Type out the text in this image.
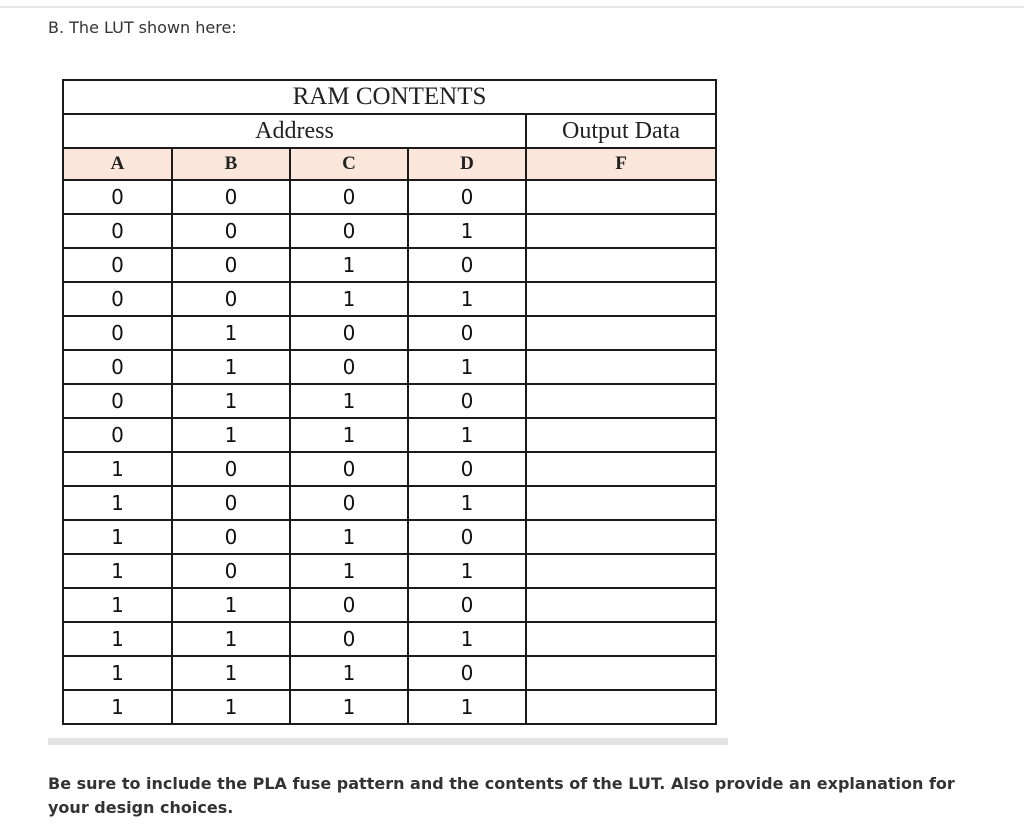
B. The LUT shown here:
RAM CONTENTS				
Address				Output Data
A	B	C	D	F
0	0	0	0	
0	0	0	1	
0	0	1	0	
0	0	1	1	
0	1	0	0	
0	1	0	1	
0	1	1	0	
0	1	1	1	
1	0	0	0	
1	0	0	1	
1	0	1	0	
1	0	1	1	
1	1	0	0	
1	1	0	1	
1	1	1	0	
1	1	1	1	
Be sure to include the PLA fuse pattern and the contents of the LUT. Also provide an explanation for your design choices.
